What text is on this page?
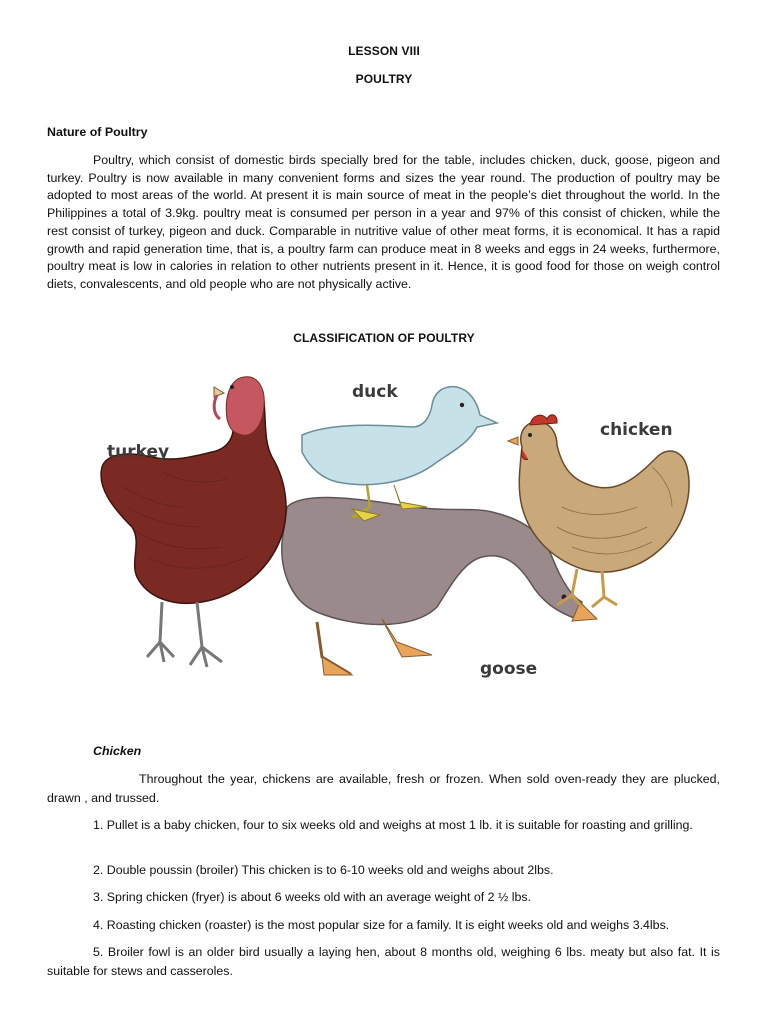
LESSON VIII
POULTRY
Nature of Poultry

Poultry, which consist of domestic birds specially bred for the table, includes chicken, duck, goose, pigeon and turkey. Poultry is now available in many convenient forms and sizes the year round. The production of poultry may be adopted to most areas of the world. At present it is main source of meat in the people’s diet throughout the world. In the Philippines a total of 3.9kg. poultry meat is consumed per person in a year and 97% of this consist of chicken, while the rest consist of turkey, pigeon and duck. Comparable in nutritive value of other meat forms, it is economical. It has a rapid growth and rapid generation time, that is, a poultry farm can produce meat in 8 weeks and eggs in 24 weeks, furthermore, poultry meat is low in calories in relation to other nutrients present in it. Hence, it is good food for those on weigh control diets, convalescents, and old people who are not physically active.

CLASSIFICATION OF POULTRY
turkey
duck
chicken
goose
Chicken

Throughout the year, chickens are available, fresh or frozen. When sold oven-ready they are plucked, drawn , and trussed.

1. Pullet is a baby chicken, four to six weeks old and weighs at most 1 lb. it is suitable for roasting and grilling.

2. Double poussin (broiler) This chicken is to 6-10 weeks old and weighs about 2lbs.

3. Spring chicken (fryer) is about 6 weeks old with an average weight of 2 ½ lbs.

4. Roasting chicken (roaster) is the most popular size for a family. It is eight weeks old and weighs 3.4lbs.

5. Broiler fowl is an older bird usually a laying hen, about 8 months old, weighing 6 lbs. meaty but also fat. It is suitable for stews and casseroles.
